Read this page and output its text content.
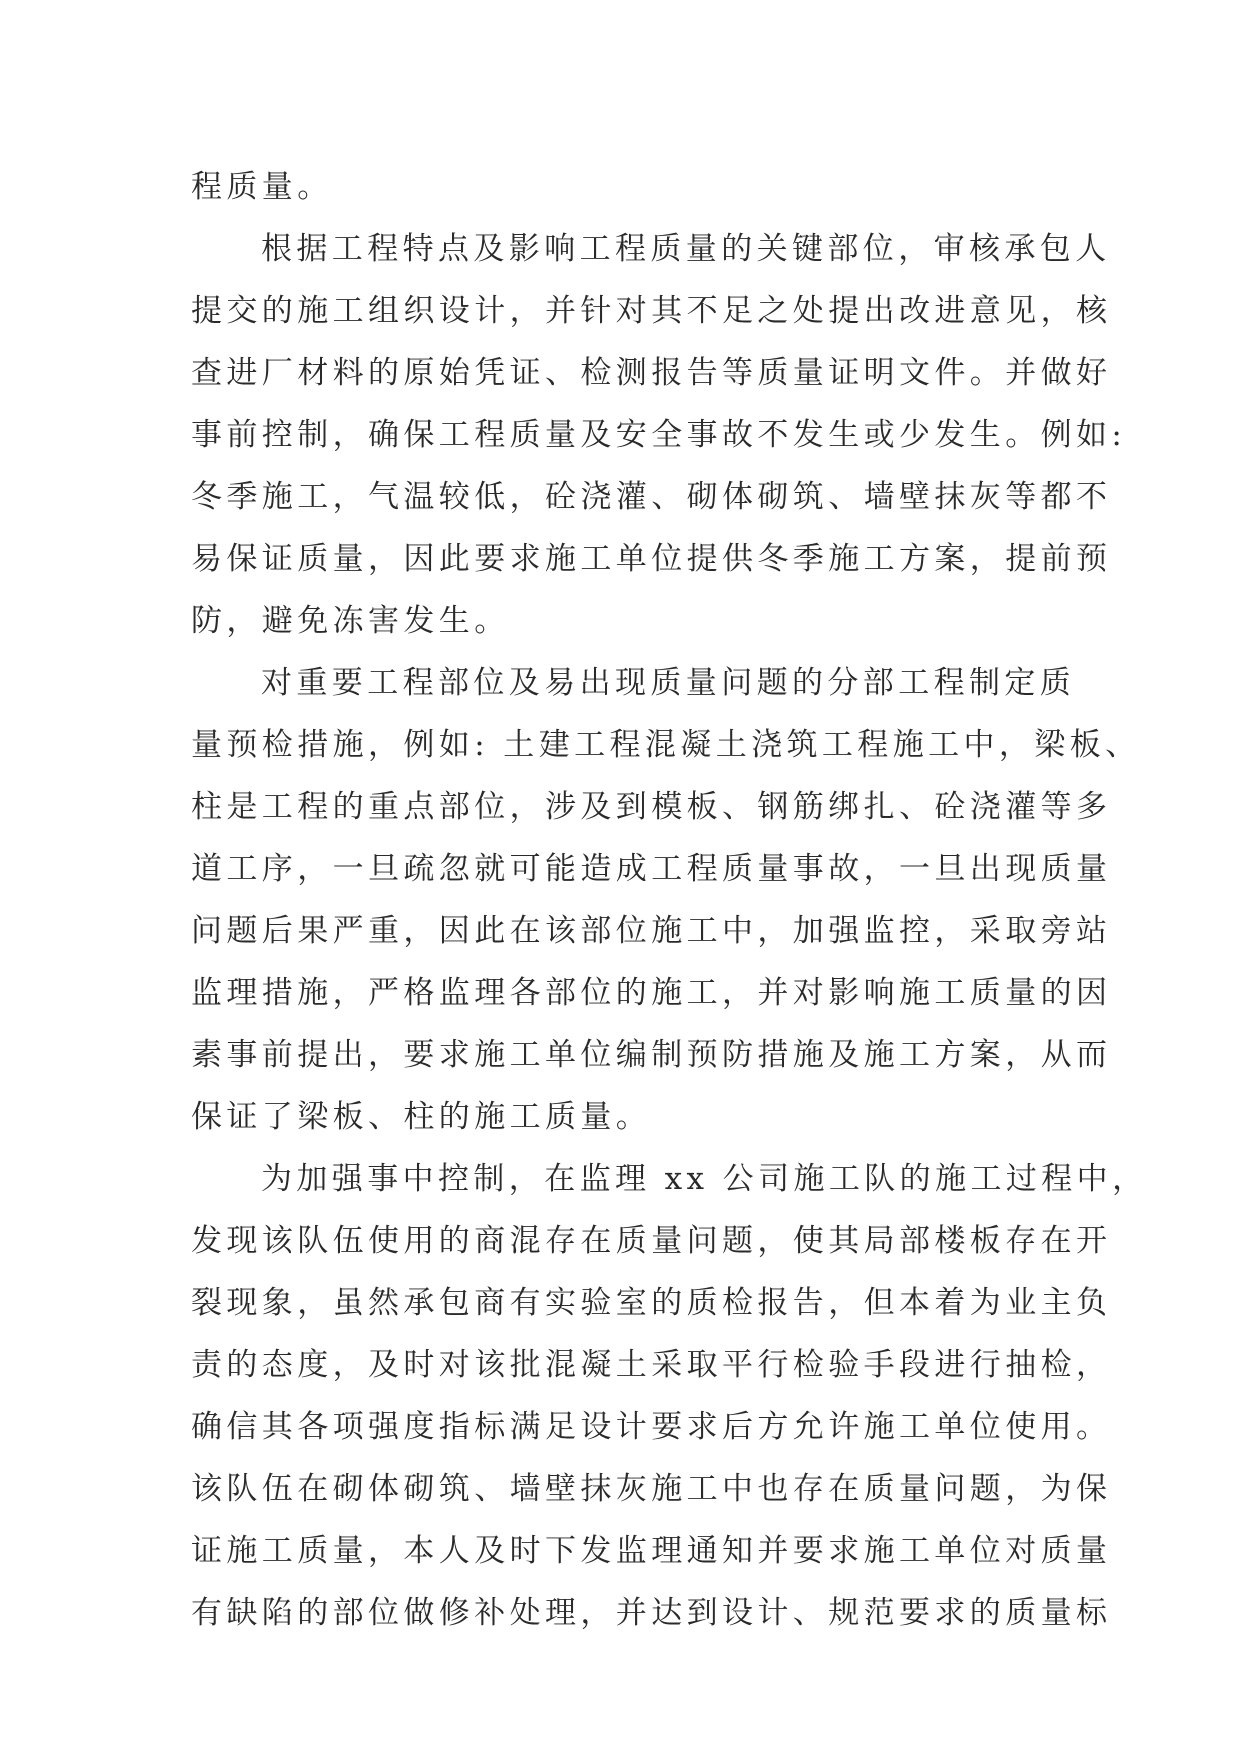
程质量。
根据工程特点及影响工程质量的关键部位，审核承包人
提交的施工组织设计，并针对其不足之处提出改进意见，核
查进厂材料的原始凭证、检测报告等质量证明文件。并做好
事前控制，确保工程质量及安全事故不发生或少发生。例如:
冬季施工，气温较低，砼浇灌、砌体砌筑、墙壁抹灰等都不
易保证质量，因此要求施工单位提供冬季施工方案，提前预
防，避免冻害发生。
对重要工程部位及易出现质量问题的分部工程制定质
量预检措施，例如: 土建工程混凝土浇筑工程施工中，梁板、
柱是工程的重点部位，涉及到模板、钢筋绑扎、砼浇灌等多
道工序，一旦疏忽就可能造成工程质量事故，一旦出现质量
问题后果严重，因此在该部位施工中，加强监控，采取旁站
监理措施，严格监理各部位的施工，并对影响施工质量的因
素事前提出，要求施工单位编制预防措施及施工方案，从而
保证了梁板、柱的施工质量。
为加强事中控制，在监理 xx 公司施工队的施工过程中，
发现该队伍使用的商混存在质量问题，使其局部楼板存在开
裂现象，虽然承包商有实验室的质检报告，但本着为业主负
责的态度，及时对该批混凝土采取平行检验手段进行抽检，
确信其各项强度指标满足设计要求后方允许施工单位使用。
该队伍在砌体砌筑、墙壁抹灰施工中也存在质量问题，为保
证施工质量，本人及时下发监理通知并要求施工单位对质量
有缺陷的部位做修补处理，并达到设计、规范要求的质量标
